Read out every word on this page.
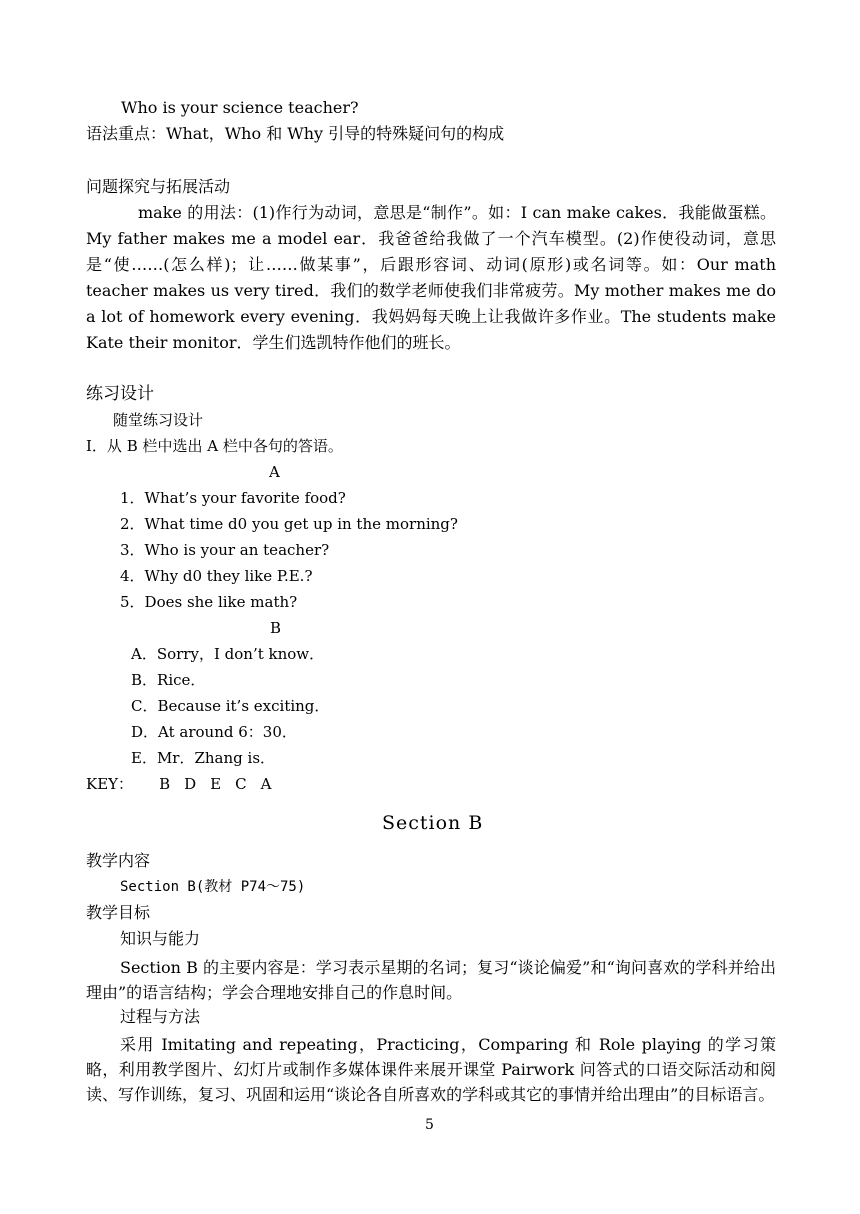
Who is your science teacher?
语法重点：What，Who 和 Why 引导的特殊疑问句的构成
问题探究与拓展活动
make 的用法：(1)作行为动词，意思是“制作”。如：I can make cakes．我能做蛋糕。My father makes me a model ear．我爸爸给我做了一个汽车模型。(2)作使役动词，意思是“使……(怎么样)；让……做某事”，后跟形容词、动词(原形)或名词等。如：Our math teacher makes us very tired．我们的数学老师使我们非常疲劳。My mother makes me do a lot of homework every evening．我妈妈每天晚上让我做许多作业。The students make Kate their monitor．学生们选凯特作他们的班长。
练习设计
随堂练习设计
Ⅰ．从 B 栏中选出 A 栏中各句的答语。
A
1．What’s your favorite food?
2．What time d0 you get up in the morning?
3．Who is your an teacher?
4．Why d0 they like P.E.?
5．Does she like math?
B
A．Sorry，I don’t know．
B．Rice．
C．Because it’s exciting．
D．At around 6：30．
E．Mr．Zhang is．
KEY： B D E C A
Section B
教学内容
Section B(教材 P74～75)
教学目标
知识与能力
Section B 的主要内容是：学习表示星期的名词；复习“谈论偏爱”和“询问喜欢的学科并给出理由”的语言结构；学会合理地安排自己的作息时间。
过程与方法
采用 Imitating and repeating，Practicing，Comparing 和 Role playing 的学习策略，利用教学图片、幻灯片或制作多媒体课件来展开课堂 Pairwork 问答式的口语交际活动和阅读、写作训练，复习、巩固和运用“谈论各自所喜欢的学科或其它的事情并给出理由”的目标语言。
5
